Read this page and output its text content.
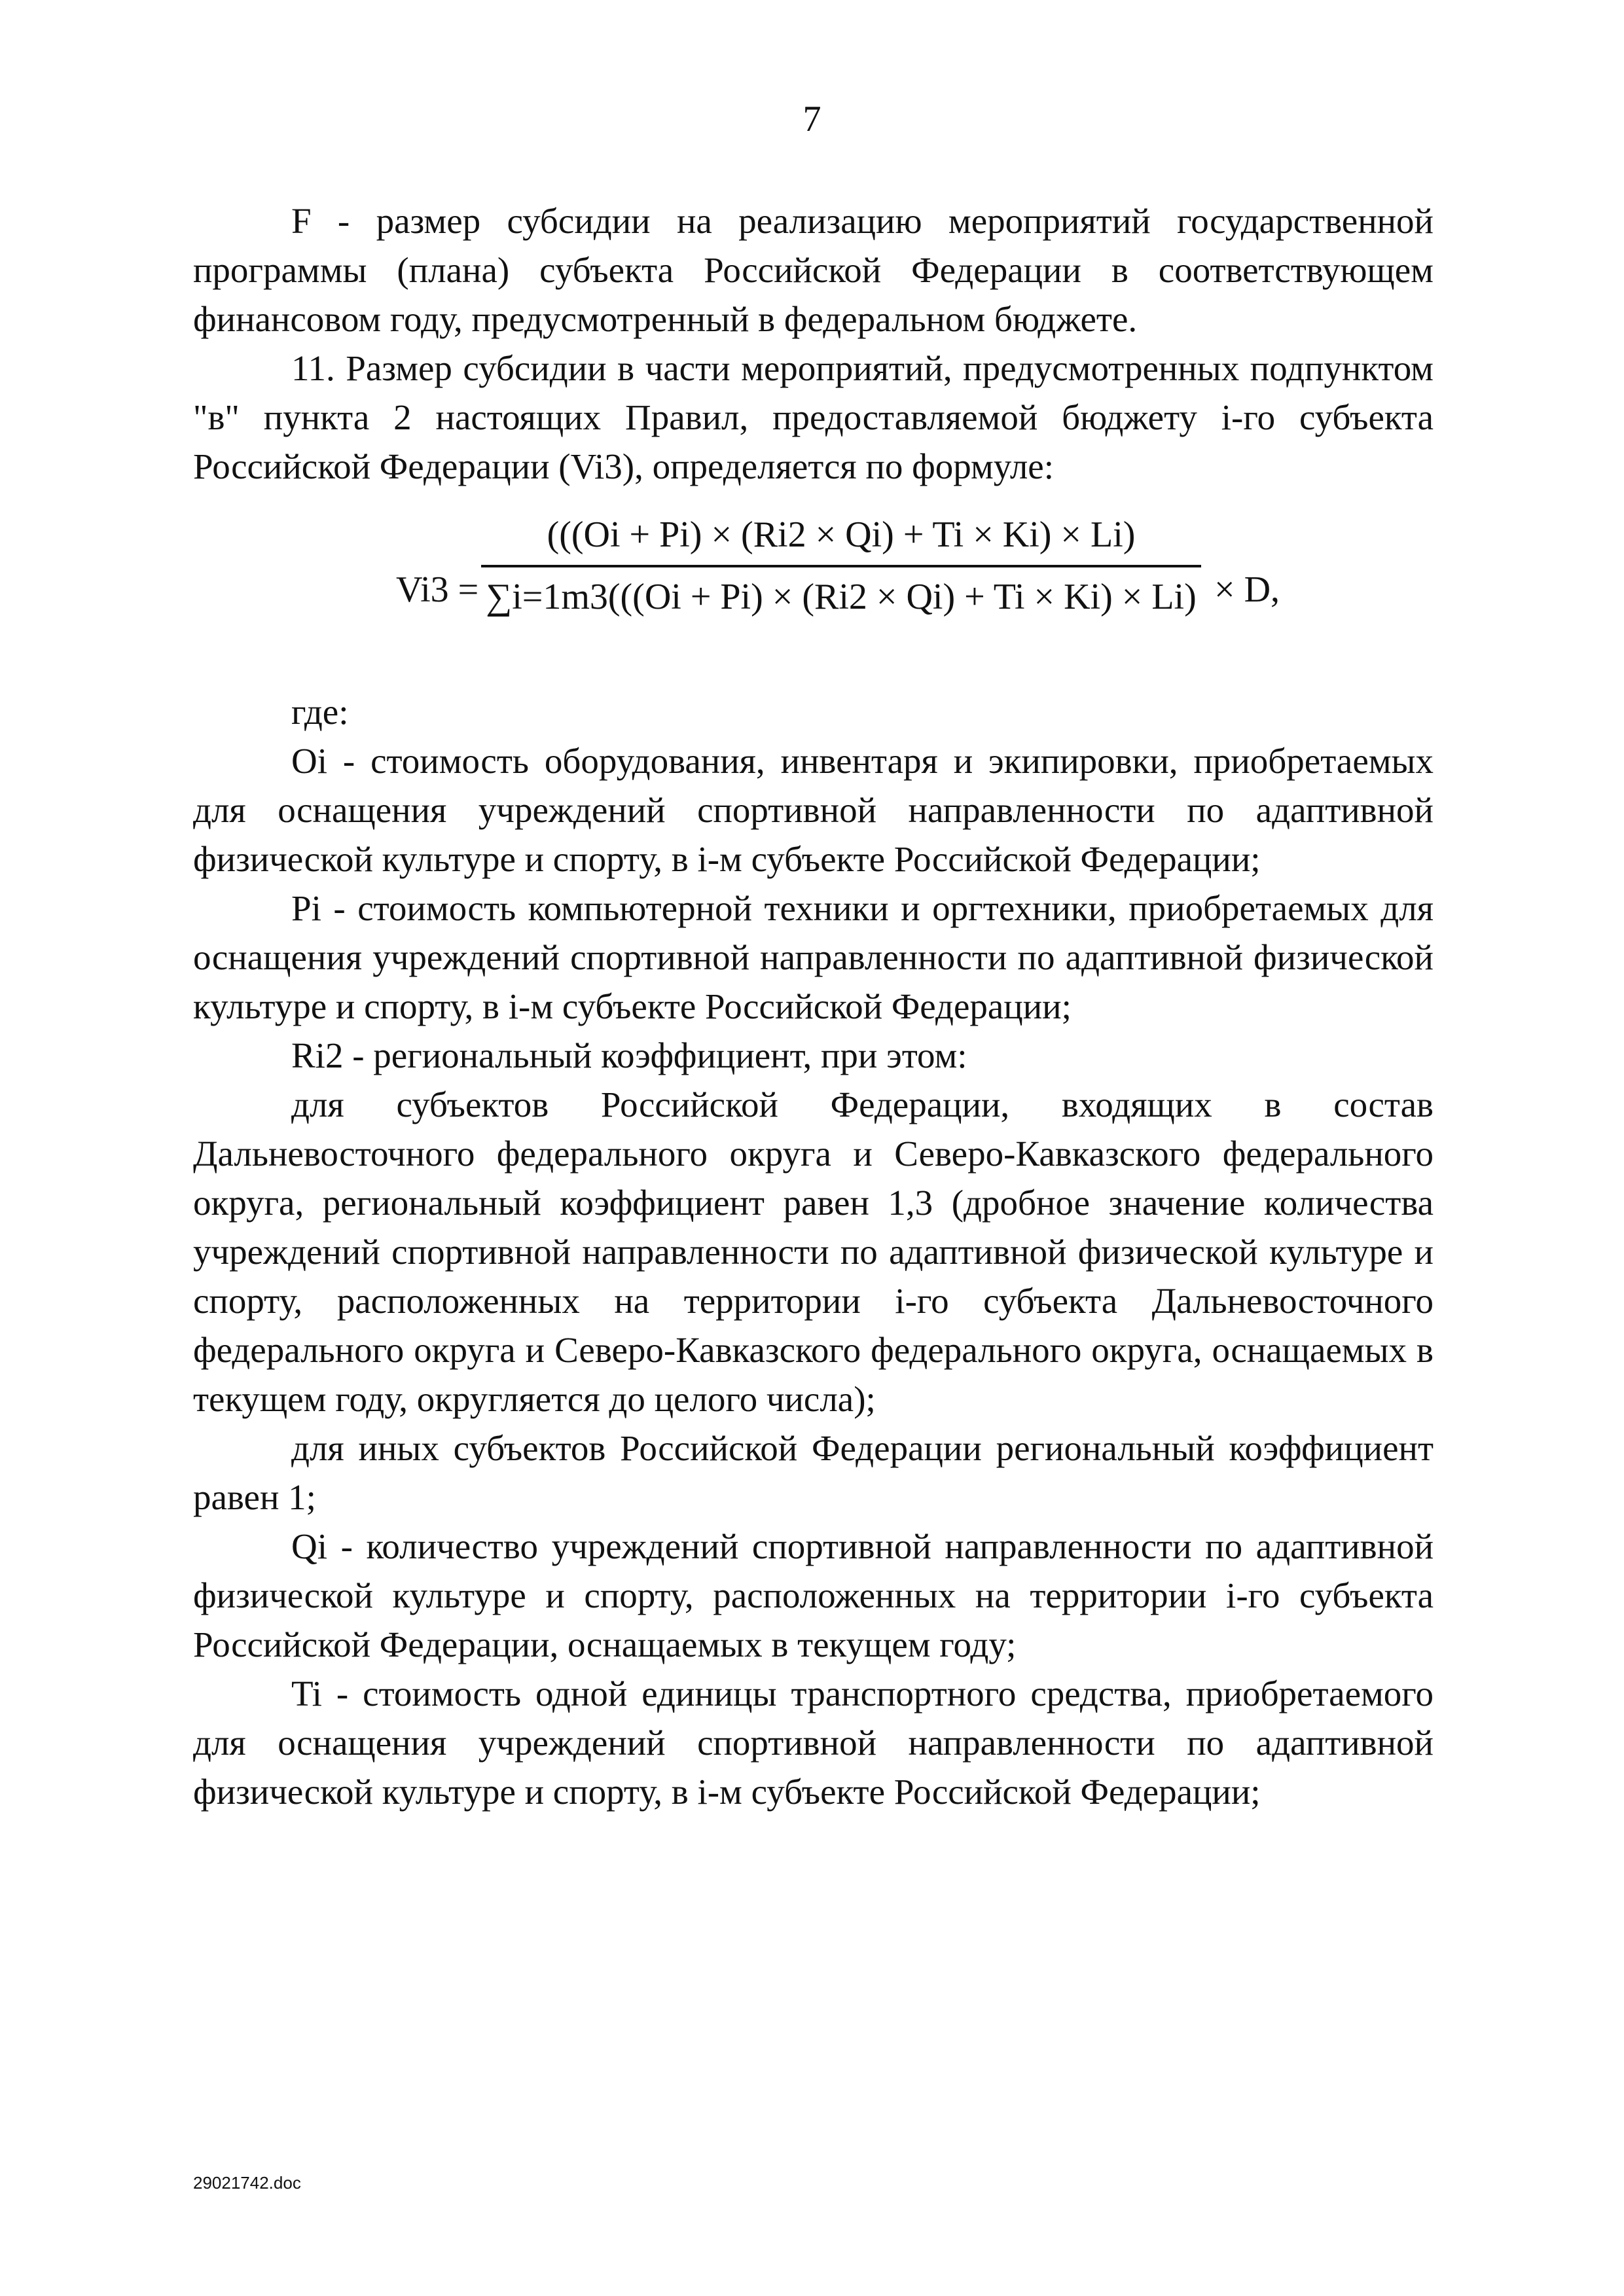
7

F - размер субсидии на реализацию мероприятий государственной программы (плана) субъекта Российской Федерации в соответствующем финансовом году, предусмотренный в федеральном бюджете.

11. Размер субсидии в части мероприятий, предусмотренных подпунктом "в" пункта 2 настоящих Правил, предоставляемой бюджету i-го субъекта Российской Федерации (Vi3), определяется по формуле:

Vi3 =
(((Oi + Pi) × (Ri2 × Qi) + Ti × Ki) × Li)
∑i=1m3(((Oi + Pi) × (Ri2 × Qi) + Ti × Ki) × Li) × D,

где:

Oi - стоимость оборудования, инвентаря и экипировки, приобретаемых для оснащения учреждений спортивной направленности по адаптивной физической культуре и спорту, в i-м субъекте Российской Федерации;

Pi - стоимость компьютерной техники и оргтехники, приобретаемых для оснащения учреждений спортивной направленности по адаптивной физической культуре и спорту, в i-м субъекте Российской Федерации;

Ri2 - региональный коэффициент, при этом:

для субъектов Российской Федерации, входящих в состав Дальневосточного федерального округа и Северо-Кавказского федерального округа, региональный коэффициент равен 1,3 (дробное значение количества учреждений спортивной направленности по адаптивной физической культуре и спорту, расположенных на территории i-го субъекта Дальневосточного федерального округа и Северо-Кавказского федерального округа, оснащаемых в текущем году, округляется до целого числа);

для иных субъектов Российской Федерации региональный коэффициент равен 1;

Qi - количество учреждений спортивной направленности по адаптивной физической культуре и спорту, расположенных на территории i-го субъекта Российской Федерации, оснащаемых в текущем году;

Ti - стоимость одной единицы транспортного средства, приобретаемого для оснащения учреждений спортивной направленности по адаптивной физической культуре и спорту, в i-м субъекте Российской Федерации;

29021742.doc
